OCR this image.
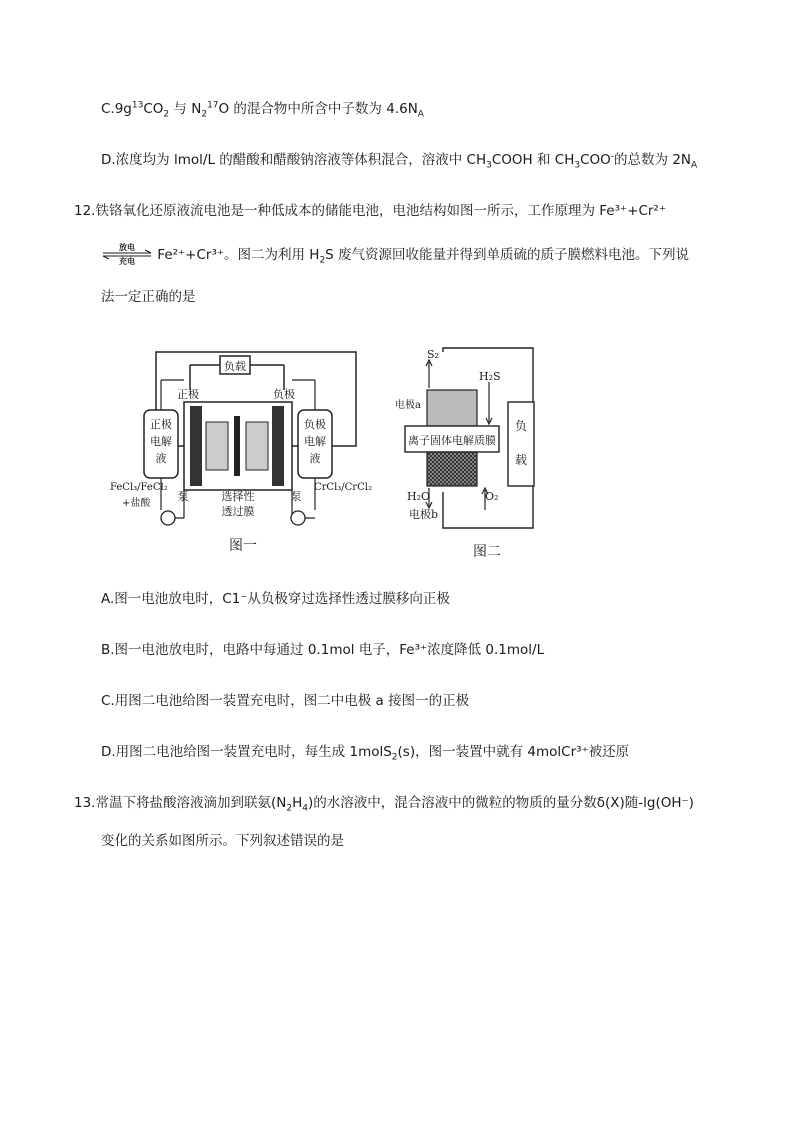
$C.9g^{13}CO_2$ 与 $N_2^{17}O$ 的混合物中所含中子数为 $4.6N_A$
D.浓度均为 lmol/L 的醋酸和醋酸钠溶液等体积混合，溶液中 $CH_3COOH$ 和 $CH_3COO^-$的总数为 $2N_A$
12.铁铬氧化还原液流电池是一种低成本的储能电池，电池结构如图一所示，工作原理为 Fe³⁺+Cr²⁺
放电
充电	Fe²⁺+Cr³⁺。图二为利用 $H_2S$ 废气资源回收能量并得到单质硫的质子膜燃料电池。下列说
法一定正确的是
负载
正极	负极
正极
电解
液
负极
电解
液
泵	泵
选择性
透过膜
FeCl₃/FeCl₂
+盐酸
CrCl₃/CrCl₂
图一
负
载
离子固体电解质膜
S₂
H₂S
电极a
H₂O	O₂
电极b
图二
A.图一电池放电时，C1⁻从负极穿过选择性透过膜移向正极
B.图一电池放电时，电路中每通过 0.1mol 电子，Fe³⁺浓度降低 0.1mol/L
C.用图二电池给图一装置充电时，图二中电极 a 接图一的正极
D.用图二电池给图一装置充电时，每生成 1molS$_2$(s)，图一装置中就有 4molCr³⁺被还原
13.常温下将盐酸溶液滴加到联氨$(N_2H_4)$的水溶液中，混合溶液中的微粒的物质的量分数δ(X)随-lg(OH⁻)
变化的关系如图所示。下列叙述错误的是
